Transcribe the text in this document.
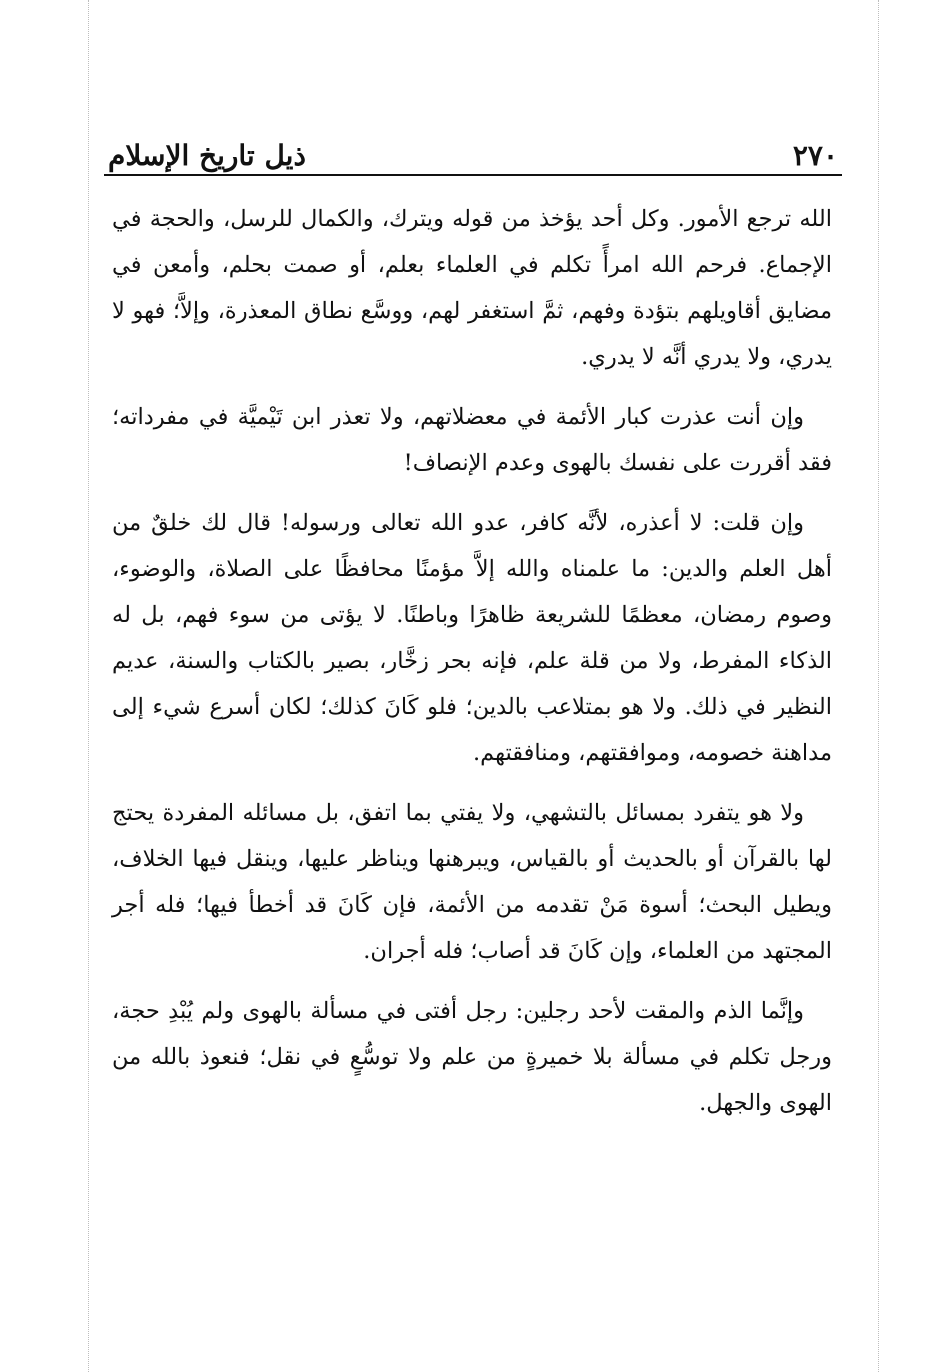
٢٧٠
ذيل تاريخ الإسلام

الله ترجع الأمور. وكل أحد يؤخذ من قوله ويترك، والكمال للرسل، والحجة في الإجماع. فرحم الله امرأً تكلم في العلماء بعلم، أو صمت بحلم، وأمعن في مضايق أقاويلهم بتؤدة وفهم، ثمَّ استغفر لهم، ووسَّع نطاق المعذرة، وإلاَّ؛ فهو لا يدري، ولا يدري أنَّه لا يدري.

وإن أنت عذرت كبار الأئمة في معضلاتهم، ولا تعذر ابن تَيْميَّة في مفرداته؛ فقد أقررت على نفسك بالهوى وعدم الإنصاف!

وإن قلت: لا أعذره، لأنَّه كافر، عدو الله تعالى ورسوله! قال لك خلقٌ من أهل العلم والدين: ما علمناه والله إلاَّ مؤمنًا محافظًا على الصلاة، والوضوء، وصوم رمضان، معظمًا للشريعة ظاهرًا وباطنًا. لا يؤتى من سوء فهم، بل له الذكاء المفرط، ولا من قلة علم، فإنه بحر زخَّار، بصير بالكتاب والسنة، عديم النظير في ذلك. ولا هو بمتلاعب بالدين؛ فلو كَانَ كذلك؛ لكان أسرع شيء إلى مداهنة خصومه، وموافقتهم، ومنافقتهم.

ولا هو يتفرد بمسائل بالتشهي، ولا يفتي بما اتفق، بل مسائله المفردة يحتج لها بالقرآن أو بالحديث أو بالقياس، ويبرهنها ويناظر عليها، وينقل فيها الخلاف، ويطيل البحث؛ أسوة مَنْ تقدمه من الأئمة، فإن كَانَ قد أخطأ فيها؛ فله أجر المجتهد من العلماء، وإن كَانَ قد أصاب؛ فله أجران.

وإنَّما الذم والمقت لأحد رجلين: رجل أفتى في مسألة بالهوى ولم يُبْدِ حجة، ورجل تكلم في مسألة بلا خميرةٍ من علم ولا توسُّعٍ في نقل؛ فنعوذ بالله من الهوى والجهل.
